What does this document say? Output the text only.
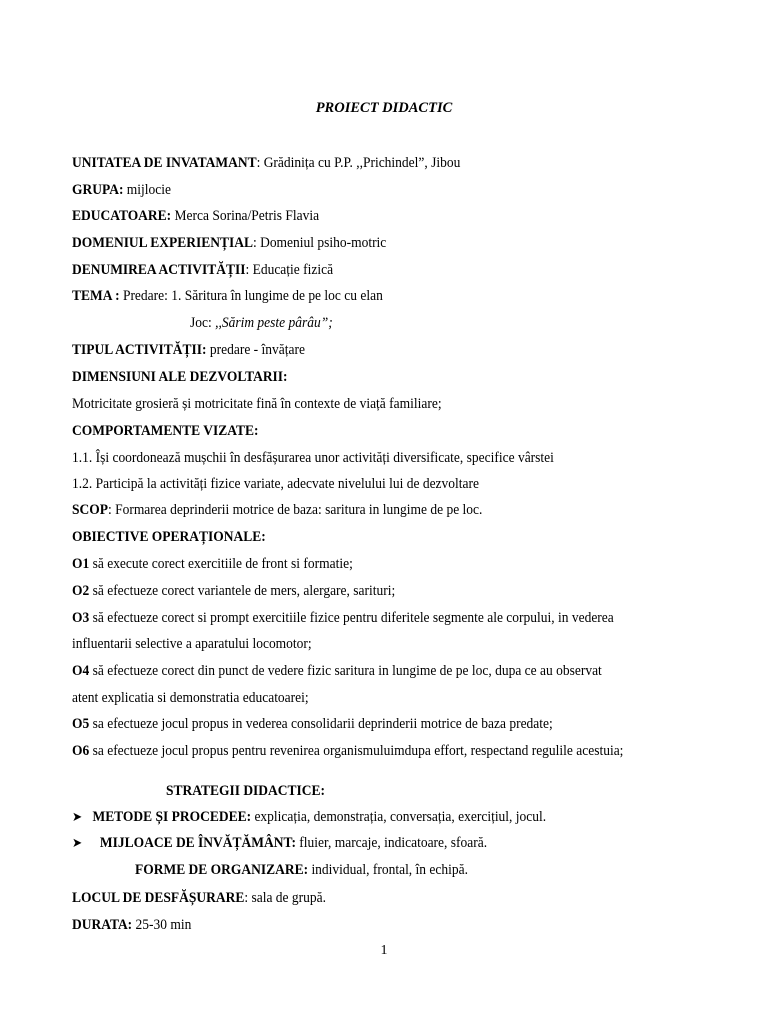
PROIECT DIDACTIC
UNITATEA DE INVATAMANT: Grădinița cu P.P. ,,Prichindel”, Jibou
GRUPA: mijlocie
EDUCATOARE: Merca Sorina/Petris Flavia
DOMENIUL EXPERIENȚIAL: Domeniul psiho-motric
DENUMIREA ACTIVITĂȚII: Educație fizică
TEMA : Predare: 1. Săritura în lungime de pe loc cu elan
Joc: ,,Sărim peste pârâu”;
TIPUL ACTIVITĂȚII: predare - învățare
DIMENSIUNI ALE DEZVOLTARII:
Motricitate grosieră și motricitate fină în contexte de viață familiare;
COMPORTAMENTE VIZATE:
1.1. Își coordonează mușchii în desfășurarea unor activități diversificate, specifice vârstei
1.2. Participă la activități fizice variate, adecvate nivelului lui de dezvoltare
SCOP: Formarea deprinderii motrice de baza: saritura in lungime de pe loc.
OBIECTIVE OPERAȚIONALE:
O1 să execute corect exercitiile de front si formatie;
O2 să efectueze corect variantele de mers, alergare, sarituri;
O3 să efectueze corect si prompt exercitiile fizice pentru diferitele segmente ale corpului, in vederea
influentarii selective a aparatului locomotor;
O4 să efectueze corect din punct de vedere fizic saritura in lungime de pe loc, dupa ce au observat
atent explicatia si demonstratia educatoarei;
O5 sa efectueze jocul propus in vederea consolidarii deprinderii motrice de baza predate;
O6 sa efectueze jocul propus pentru revenirea organismuluimdupa effort, respectand regulile acestuia;
STRATEGII DIDACTICE:
➤ METODE ȘI PROCEDEE: explicația, demonstrația, conversația, exercițiul, jocul.
➤ MIJLOACE DE ÎNVĂȚĂMÂNT: fluier, marcaje, indicatoare, sfoară.
FORME DE ORGANIZARE: individual, frontal, în echipă.
LOCUL DE DESFĂȘURARE: sala de grupă.
DURATA: 25-30 min
1
